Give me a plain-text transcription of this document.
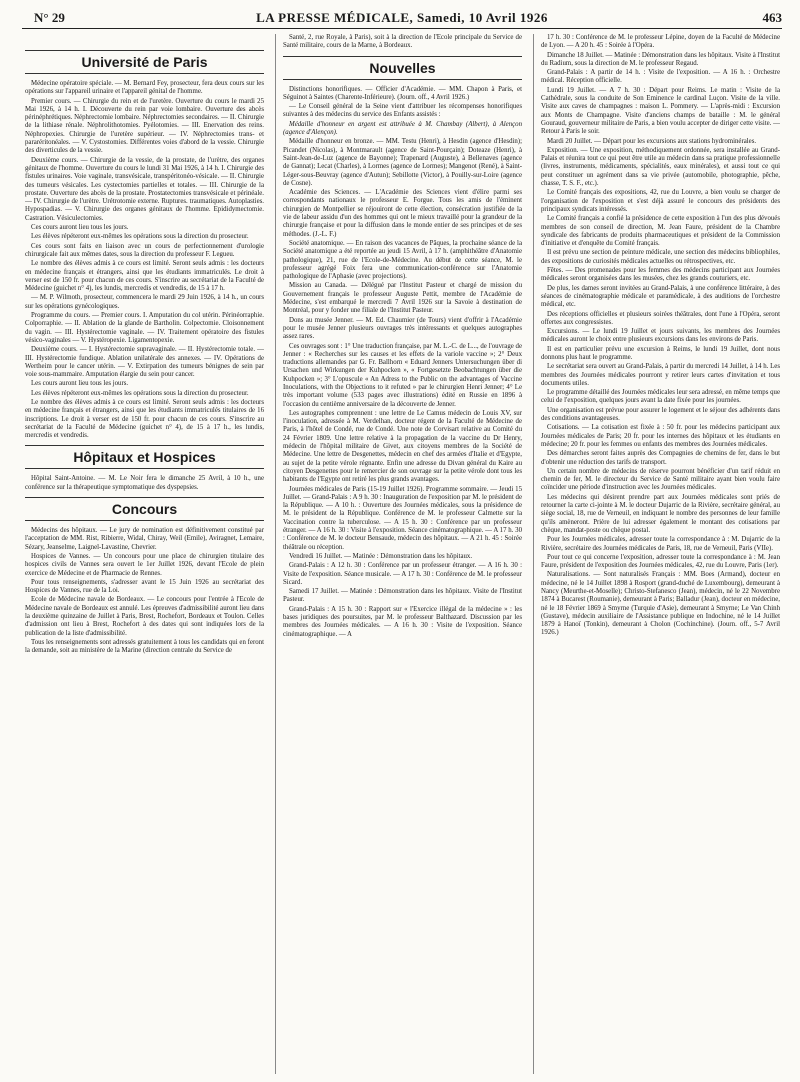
N° 29	LA PRESSE MÉDICALE, Samedi, 10 Avril 1926	463
Université de Paris

Médecine opératoire spéciale. — M. Bernard Fey, prosecteur, fera deux cours sur les opérations sur l'appareil urinaire et l'appareil génital de l'homme.

Premier cours. — Chirurgie du rein et de l'uretère. Ouverture du cours le mardi 25 Mai 1926, à 14 h. I. Découverte du rein par voie lombaire. Ouverture des abcès périnéphrétiques. Néphrectomie lombaire. Néphrectomies secondaires. — II. Chirurgie de la lithiase rénale. Néphrolithotomies. Pyélotomies. — III. Enervation des reins. Néphropexies. Chirurgie de l'uretère supérieur. — IV. Néphrectomies trans- et pararéritonéales. — V. Cystostomies. Différentes voies d'abord de la vessie. Chirurgie des diverticules de la vessie.

Deuxième cours. — Chirurgie de la vessie, de la prostate, de l'urètre, des organes génitaux de l'homme. Ouverture du cours le lundi 31 Mai 1926, à 14 h. I. Chirurgie des fistules urinaires. Voie vaginale, transvésicale, transpéritonéo-vésicale. — II. Chirurgie des tumeurs vésicales. Les cystectomies partielles et totales. — III. Chirurgie de la prostate. Ouverture des abcès de la prostate. Prostatectomies transvésicale et périnéale. — IV. Chirurgie de l'urètre. Urétrotomie externe. Ruptures. traumatiques. Autoplasties. Hypospadias. — V. Chirurgie des organes génitaux de l'homme. Epididymectomie. Castration. Vésiculectomies.

Ces cours auront lieu tous les jours.

Les élèves répéteront eux-mêmes les opérations sous la direction du prosecteur.

Ces cours sont faits en liaison avec un cours de perfectionnement d'urologie chirurgicale fait aux mêmes dates, sous la direction du professeur F. Legueu.

Le nombre des élèves admis à ce cours est limité. Seront seuls admis : les docteurs en médecine français et étrangers, ainsi que les étudiants immatriculés. Le droit à verser est de 150 fr. pour chacun de ces cours. S'inscrire au secrétariat de la Faculté de Médecine (guichet n° 4), les lundis, mercredis et vendredis, de 15 à 17 h.

— M. P. Wilmoth, prosecteur, commencera le mardi 29 Juin 1926, à 14 h., un cours sur les opérations gynécologiques.

Programme du cours. — Premier cours. I. Amputation du col utérin. Périnéorraphie. Colporraphie. — II. Ablation de la glande de Bartholin. Colpectomie. Cloisonnement du vagin. — III. Hystérectomie vaginale. — IV. Traitement opératoire des fistules vésico-vaginales — V. Hystéropexie. Ligamentopexie.

Deuxième cours. — I. Hystérectomie supravaginale. — II. Hystérectomie totale. — III. Hystérectomie fundique. Ablation unilatérale des annexes. — IV. Opérations de Wertheim pour le cancer utérin. — V. Extirpation des tumeurs bénignes de sein par voie sous-mammaire. Amputation élargie du sein pour cancer.

Les cours auront lieu tous les jours.

Les élèves répéteront eux-mêmes les opérations sous la direction du prosecteur.

Le nombre des élèves admis à ce cours est limité. Seront seuls admis : les docteurs en médecine français et étrangers, ainsi que les étudiants immatriculés titulaires de 16 inscriptions. Le droit à verser est de 150 fr. pour chacun de ces cours. S'inscrire au secrétariat de la Faculté de Médecine (guichet n° 4), de 15 à 17 h., les lundis, mercredis et vendredis.

Hôpitaux et Hospices

Hôpital Saint-Antoine. — M. Le Noir fera le dimanche 25 Avril, à 10 h., une conférence sur la thérapeutique symptomatique des dyspepsies.

Concours

Médecins des hôpitaux. — Le jury de nomination est définitivement constitué par l'acceptation de MM. Rist, Ribierre, Widal, Chiray, Weil (Emile), Aviragnet, Lemaire, Sézary, Jeanselme, Laignel-Lavastine, Chevrier.

Hospices de Vannes. — Un concours pour une place de chirurgien titulaire des hospices civils de Vannes sera ouvert le 1er Juillet 1926, devant l'Ecole de plein exercice de Médecine et de Pharmacie de Rennes.

Pour tous renseignements, s'adresser avant le 15 Juin 1926 au secrétariat des Hospices de Vannes, rue de la Loi.

Ecole de Médecine navale de Bordeaux. — Le concours pour l'entrée à l'Ecole de Médecine navale de Bordeaux est annulé. Les épreuves d'admissibilité auront lieu dans la deuxième quinzaine de Juillet à Paris, Brest, Rochefort, Bordeaux et Toulon. Celles d'admission ont lieu à Brest, Rochefort à des dates qui sont indiquées lors de la publication de la liste d'admissibilité.

Tous les renseignements sont adressés gratuitement à tous les candidats qui en feront la demande, soit au ministère de la Marine (direction centrale du Service de

Santé, 2, rue Royale, à Paris), soit à la direction de l'Ecole principale du Service de Santé militaire, cours de la Marne, à Bordeaux.

Nouvelles

Distinctions honorifiques. — Officier d'Académie. — MM. Chapon à Paris, et Séguinot à Saintes (Charente-Inférieure). (Journ. off., 4 Avril 1926.)

— Le Conseil général de la Seine vient d'attribuer les récompenses honorifiques suivantes à des médecins du service des Enfants assistés :

Médaille d'honneur en argent est attribuée à M. Chambay (Albert), à Alençon (agence d'Alençon).

Médaille d'honneur en bronze. — MM. Testu (Henri), à Hesdin (agence d'Hesdin); Picandet (Nicolas), à Montmarault (agence de Saint-Pourçain); Doteaze (Henri), à Saint-Jean-de-Luz (agence de Bayonne); Trapenard (Auguste), à Bellenaves (agence de Gannat); Lecat (Charles), à Lormes (agence de Lormes); Mangenot (René), à Saint-Léger-sous-Beuvray (agence d'Autun); Sebillotte (Victor), à Pouilly-sur-Loire (agence de Cosne).

Académie des Sciences. — L'Académie des Sciences vient d'élire parmi ses correspondants nationaux le professeur E. Forgue. Tous les amis de l'éminent chirurgien de Montpellier se réjouiront de cette élection, consécration justifiée de la vie de labeur assidu d'un des hommes qui ont le mieux travaillé pour la grandeur de la chirurgie française et pour la diffusion dans le monde entier de ses principes et de ses méthodes. (J.-L. F.)

Société anatomique. — En raison des vacances de Pâques, la prochaine séance de la Société anatomique a été reportée au jeudi 15 Avril, à 17 h. (amphithéâtre d'Anatomie pathologique), 21, rue de l'Ecole-de-Médecine. Au début de cette séance, M. le professeur agrégé Foix fera une communication-conférence sur l'Anatomie pathologique de l'Aphasie (avec projections).

Mission au Canada. — Délégué par l'Institut Pasteur et chargé de mission du Gouvernement français le professeur Auguste Pettit, membre de l'Académie de Médecine, s'est embarqué le mercredi 7 Avril 1926 sur la Savoie à destination de Montréal, pour y fonder une filiale de l'Institut Pasteur.

Dons au musée Jenner. — M. Ed. Chaumier (de Tours) vient d'offrir à l'Académie pour le musée Jenner plusieurs ouvrages très intéressants et quelques autographes assez rares.

Ces ouvrages sont : 1° Une traduction française, par M. L.-C. de L..., de l'ouvrage de Jenner : « Recherches sur les causes et les effets de la variole vaccine »; 2° Deux traductions allemandes par G. Fr. Ballhorn « Eduard Jenners Untersuchungen über di Ursachen und Wirkungen der Kuhpocken », « Fortgesetzte Beobachtungen über die Kuhpocken »; 3° L'opuscule « An Adress to the Public on the advantages of Vaccine Inoculations, with the Objections to it refuted » par le chirurgien Henri Jenner; 4° Le très important volume (533 pages avec illustrations) édité en Russie en 1896 à l'occasion du centième anniversaire de la découverte de Jenner.

Les autographes comprennent : une lettre de Le Camus médecin de Louis XV, sur l'inoculation, adressée à M. Verdelhan, docteur régent de la Faculté de Médecine de Paris, à l'hôtel de Condé, rue de Condé. Une note de Corvisart relative au Comité du 24 Février 1809. Une lettre relative à la propagation de la vaccine du Dr Henry, médecin de l'hôpital militaire de Givet, aux citoyens membres de la Société de Médecine. Une lettre de Desgenettes, médecin en chef des armées d'Italie et d'Egypte, au sujet de la petite vérole régnante. Enfin une adresse du Divan général du Kaire au citoyen Desgenettes pour le remercier de son ouvrage sur la petite vérole dont tous les habitants de l'Egypte ont retiré les plus grands avantages.

Journées médicales de Paris (15-19 Juillet 1926). Programme sommaire. — Jeudi 15 Juillet. — Grand-Palais : A 9 h. 30 : Inauguration de l'exposition par M. le président de la République. — A 10 h. : Ouverture des Journées médicales, sous la présidence de M. le président de la République. Conférence de M. le professeur Calmette sur la Vaccination contre la tuberculose. — A 15 h. 30 : Conférence par un professeur étranger. — A 16 h. 30 : Visite à l'exposition. Séance cinématographique. — A 17 h. 30 : Conférence de M. le docteur Bensaude, médecin des hôpitaux. — A 21 h. 45 : Soirée théâtrale ou réception.

Vendredi 16 Juillet. — Matinée : Démonstration dans les hôpitaux.

Grand-Palais : A 12 h. 30 : Conférence par un professeur étranger. — A 16 h. 30 : Visite de l'exposition. Séance musicale. — A 17 h. 30 : Conférence de M. le professeur Sicard.

Samedi 17 Juillet. — Matinée : Démonstration dans les hôpitaux. Visite de l'Institut Pasteur.

Grand-Palais : A 15 h. 30 : Rapport sur « l'Exercice illégal de la médecine » : les bases juridiques des poursuites, par M. le professeur Balthazard. Discussion par les membres des Journées médicales. — A 16 h. 30 : Visite de l'exposition. Séance cinématographique. — A

17 h. 30 : Conférence de M. le professeur Lépine, doyen de la Faculté de Médecine de Lyon. — A 20 h. 45 : Soirée à l'Opéra.

Dimanche 18 Juillet. — Matinée : Démonstration dans les hôpitaux. Visite à l'Institut du Radium, sous la direction de M. le professeur Regaud.

Grand-Palais : A partir de 14 h. : Visite de l'exposition. — A 16 h. : Orchestre médical. Réception officielle.

Lundi 19 Juillet. — A 7 h. 30 : Départ pour Reims. Le matin : Visite de la Cathédrale, sous la conduite de Son Eminence le cardinal Luçon. Visite de la ville. Visite aux caves de champagnes : maison L. Pommery. — L'après-midi : Excursion aux Monts de Champagne. Visite d'anciens champs de bataille : M. le général Gouraud, gouverneur militaire de Paris, a bien voulu accepter de diriger cette visite. — Retour à Paris le soir.

Mardi 20 Juillet. — Départ pour les excursions aux stations hydrominérales.

Exposition. — Une exposition, méthodiquement ordonnée, sera installée au Grand-Palais et réunira tout ce qui peut être utile au médecin dans sa pratique professionnelle (livres, instruments, médicaments, spécialités, eaux minérales), et aussi tout ce qui peut constituer un agrément dans sa vie privée (automobile, photographie, pêche, chasse, T. S. F., etc.).

Le Comité français des expositions, 42, rue du Louvre, a bien voulu se charger de l'organisation de l'exposition et s'est déjà assuré le concours des présidents des principaux syndicats intéressés.

Le Comité français a confié la présidence de cette exposition à l'un des plus dévoués membres de son conseil de direction, M. Jean Faure, président de la Chambre syndicale des fabricants de produits pharmaceutiques et président de la Commission d'initiative et d'enquête du Comité français.

Il est prévu une section de peinture médicale, une section des médecins bibliophiles, des expositions de curiosités médicales actuelles ou rétrospectives, etc.

Fêtes. — Des promenades pour les femmes des médecins participant aux Journées médicales seront organisées dans les musées, chez les grands couturiers, etc.

De plus, les dames seront invitées au Grand-Palais, à une conférence littéraire, à des séances de cinématographie médicale et paramédicale, à des auditions de l'orchestre médical, etc.

Des réceptions officielles et plusieurs soirées théâtrales, dont l'une à l'Opéra, seront offertes aux congressistes.

Excursions. — Le lundi 19 Juillet et jours suivants, les membres des Journées médicales auront le choix entre plusieurs excursions dans les environs de Paris.

Il est en particulier prévu une excursion à Reims, le lundi 19 Juillet, dont nous donnons plus haut le programme.

Le secrétariat sera ouvert au Grand-Palais, à partir du mercredi 14 Juillet, à 14 h. Les membres des Journées médicales pourront y retirer leurs cartes d'invitation et tous documents utiles.

Le programme détaillé des Journées médicales leur sera adressé, en même temps que celui de l'exposition, quelques jours avant la date fixée pour les journées.

Une organisation est prévue pour assurer le logement et le séjour des adhérents dans des conditions avantageuses.

Cotisations. — La cotisation est fixée à : 50 fr. pour les médecins participant aux Journées médicales de Paris; 20 fr. pour les internes des hôpitaux et les étudiants en médecine; 20 fr. pour les femmes ou enfants des membres des Journées médicales.

Des démarches seront faites auprès des Compagnies de chemins de fer, dans le but d'obtenir une réduction des tarifs de transport.

Un certain nombre de médecins de réserve pourront bénéficier d'un tarif réduit en chemin de fer, M. le directeur du Service de Santé militaire ayant bien voulu faire coïncider une période d'instruction avec les Journées médicales.

Les médecins qui désirent prendre part aux Journées médicales sont priés de retourner la carte ci-jointe à M. le docteur Dujarric de la Rivière, secrétaire général, au siège social, 18, rue de Verneuil, en indiquant le nombre des personnes de leur famille qu'ils amèneront. Prière de lui adresser également le montant des cotisations par chèque, mandat-poste ou chèque postal.

Pour les Journées médicales, adresser toute la correspondance à : M. Dujarric de la Rivière, secrétaire des Journées médicales de Paris, 18, rue de Verneuil, Paris (VIIe).

Pour tout ce qui concerne l'exposition, adresser toute la correspondance à : M. Jean Faure, président de l'exposition des Journées médicales, 42, rue du Louvre, Paris (1er).

Naturalisations. — Sont naturalisés Français : MM. Boes (Armand), docteur en médecine, né le 14 Juillet 1898 à Rosport (grand-duché de Luxembourg), demeurant à Nancy (Meurthe-et-Moselle); Christo-Stefanesco (Jean), médecin, né le 22 Novembre 1874 à Bucarest (Roumanie), demeurant à Paris; Balladur (Jean), docteur en médecine, né le 18 Février 1869 à Smyrne (Turquie d'Asie), demeurant à Smyrne; Le Van Chinh (Gustave), médecin auxiliaire de l'Assistance publique en Indochine, né le 14 Juillet 1879 à Hanoï (Tonkin), demeurant à Cholon (Cochinchine). (Journ. off., 5-7 Avril 1926.)
